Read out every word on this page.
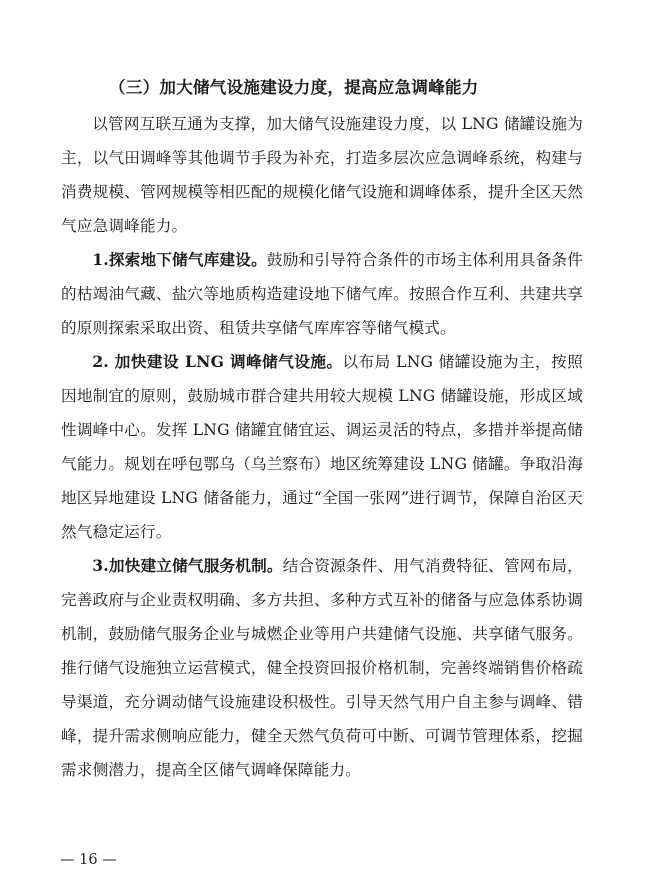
（三）加大储气设施建设力度，提高应急调峰能力

以管网互联互通为支撑，加大储气设施建设力度，以 LNG 储罐设施为主，以气田调峰等其他调节手段为补充，打造多层次应急调峰系统，构建与消费规模、管网规模等相匹配的规模化储气设施和调峰体系，提升全区天然气应急调峰能力。

1.探索地下储气库建设。鼓励和引导符合条件的市场主体利用具备条件的枯竭油气藏、盐穴等地质构造建设地下储气库。按照合作互利、共建共享的原则探索采取出资、租赁共享储气库库容等储气模式。

2. 加快建设 LNG 调峰储气设施。以布局 LNG 储罐设施为主，按照因地制宜的原则，鼓励城市群合建共用较大规模 LNG 储罐设施，形成区域性调峰中心。发挥 LNG 储罐宜储宜运、调运灵活的特点，多措并举提高储气能力。规划在呼包鄂乌（乌兰察布）地区统筹建设 LNG 储罐。争取沿海地区异地建设 LNG 储备能力，通过“全国一张网”进行调节，保障自治区天然气稳定运行。

3.加快建立储气服务机制。结合资源条件、用气消费特征、管网布局，完善政府与企业责权明确、多方共担、多种方式互补的储备与应急体系协调机制，鼓励储气服务企业与城燃企业等用户共建储气设施、共享储气服务。推行储气设施独立运营模式，健全投资回报价格机制，完善终端销售价格疏导渠道，充分调动储气设施建设积极性。引导天然气用户自主参与调峰、错峰，提升需求侧响应能力，健全天然气负荷可中断、可调节管理体系，挖掘需求侧潜力，提高全区储气调峰保障能力。

— 16 —
